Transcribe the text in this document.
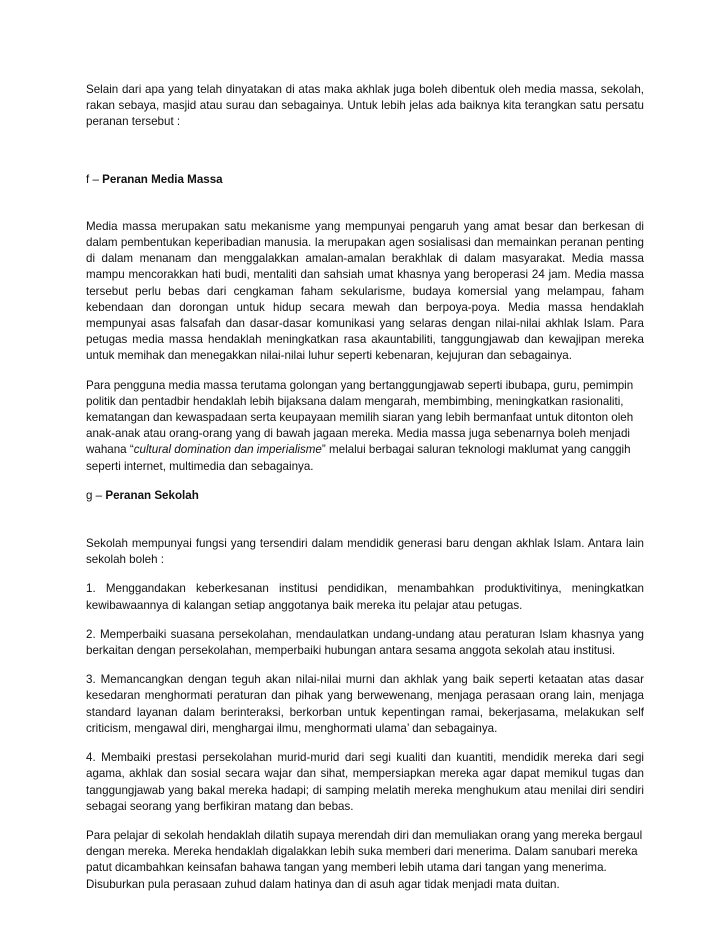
Selain dari apa yang telah dinyatakan di atas maka akhlak juga boleh dibentuk oleh media massa, sekolah, rakan sebaya, masjid atau surau dan sebagainya. Untuk lebih jelas ada baiknya kita terangkan satu persatu peranan tersebut :

f – Peranan Media Massa

Media massa merupakan satu mekanisme yang mempunyai pengaruh yang amat besar dan berkesan di dalam pembentukan keperibadian manusia. Ia merupakan agen sosialisasi dan memainkan peranan penting di dalam menanam dan menggalakkan amalan-amalan berakhlak di dalam masyarakat. Media massa mampu mencorakkan hati budi, mentaliti dan sahsiah umat khasnya yang beroperasi 24 jam. Media massa tersebut perlu bebas dari cengkaman faham sekularisme, budaya komersial yang melampau, faham kebendaan dan dorongan untuk hidup secara mewah dan berpoya-poya. Media massa hendaklah mempunyai asas falsafah dan dasar-dasar komunikasi yang selaras dengan nilai-nilai akhlak Islam. Para petugas media massa hendaklah meningkatkan rasa akauntabiliti, tanggungjawab dan kewajipan mereka untuk memihak dan menegakkan nilai-nilai luhur seperti kebenaran, kejujuran dan sebagainya.

Para pengguna media massa terutama golongan yang bertanggungjawab seperti ibubapa, guru, pemimpin politik dan pentadbir hendaklah lebih bijaksana dalam mengarah, membimbing, meningkatkan rasionaliti, kematangan dan kewaspadaan serta keupayaan memilih siaran yang lebih bermanfaat untuk ditonton oleh anak-anak atau orang-orang yang di bawah jagaan mereka. Media massa juga sebenarnya boleh menjadi wahana “cultural domination dan imperialisme” melalui berbagai saluran teknologi maklumat yang canggih seperti internet, multimedia dan sebagainya.

g – Peranan Sekolah

Sekolah mempunyai fungsi yang tersendiri dalam mendidik generasi baru dengan akhlak Islam. Antara lain sekolah boleh :

1. Menggandakan keberkesanan institusi pendidikan, menambahkan produktivitinya, meningkatkan kewibawaannya di kalangan setiap anggotanya baik mereka itu pelajar atau petugas.

2. Memperbaiki suasana persekolahan, mendaulatkan undang-undang atau peraturan Islam khasnya yang berkaitan dengan persekolahan, memperbaiki hubungan antara sesama anggota sekolah atau institusi.

3. Memancangkan dengan teguh akan nilai-nilai murni dan akhlak yang baik seperti ketaatan atas dasar kesedaran menghormati peraturan dan pihak yang berwewenang, menjaga perasaan orang lain, menjaga standard layanan dalam berinteraksi, berkorban untuk kepentingan ramai, bekerjasama, melakukan self criticism, mengawal diri, menghargai ilmu, menghormati ulama’ dan sebagainya.

4. Membaiki prestasi persekolahan murid-murid dari segi kualiti dan kuantiti, mendidik mereka dari segi agama, akhlak dan sosial secara wajar dan sihat, mempersiapkan mereka agar dapat memikul tugas dan tanggungjawab yang bakal mereka hadapi; di samping melatih mereka menghukum atau menilai diri sendiri sebagai seorang yang berfikiran matang dan bebas.

Para pelajar di sekolah hendaklah dilatih supaya merendah diri dan memuliakan orang yang mereka bergaul dengan mereka. Mereka hendaklah digalakkan lebih suka memberi dari menerima. Dalam sanubari mereka patut dicambahkan keinsafan bahawa tangan yang memberi lebih utama dari tangan yang menerima. Disuburkan pula perasaan zuhud dalam hatinya dan di asuh agar tidak menjadi mata duitan.
